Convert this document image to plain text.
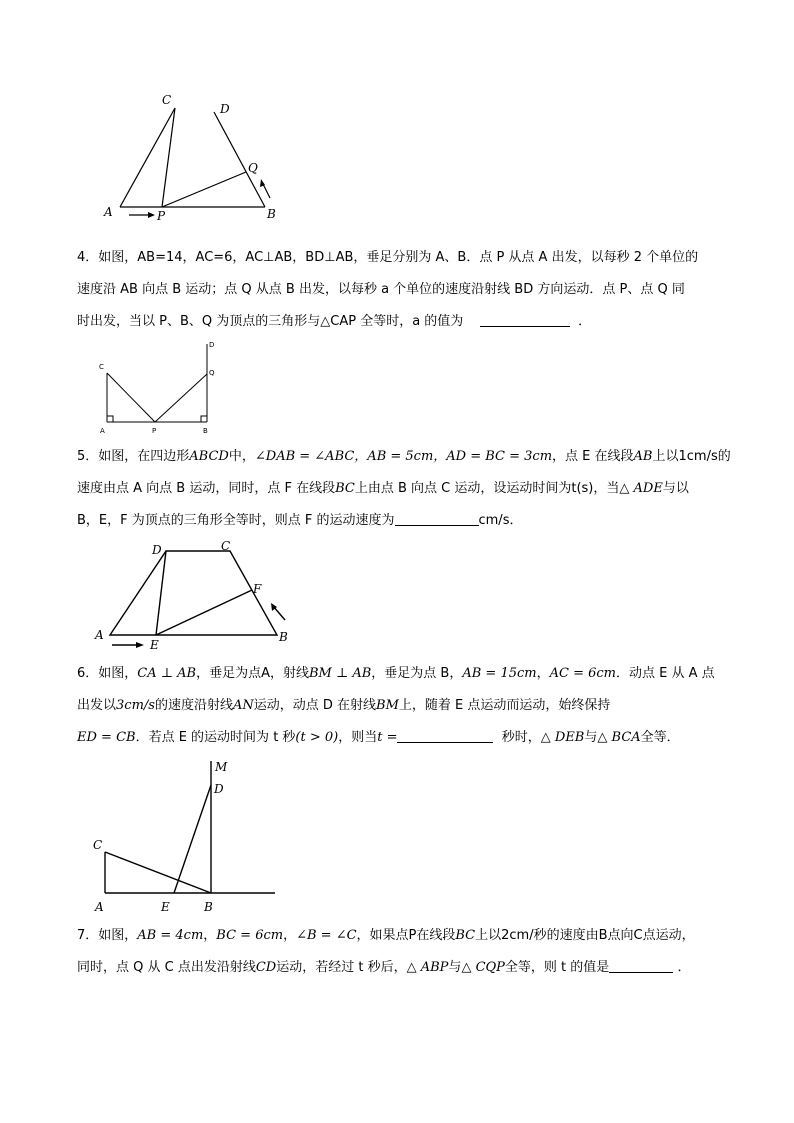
C
D
Q
A	P	B
4．如图，AB=14，AC=6，AC⊥AB，BD⊥AB，垂足分别为 A、B．点 P 从点 A 出发，以每秒 2 个单位的
速度沿 AB 向点 B 运动；点 Q 从点 B 出发，以每秒 a 个单位的速度沿射线 BD 方向运动．点 P、点 Q 同
时出发，当以 P、B、Q 为顶点的三角形与△CAP 全等时，a 的值为	．
C
D
Q
A	P	B
5．如图，在四边形ABCD中，∠DAB = ∠ABC，AB = 5cm，AD = BC = 3cm，点 E 在线段AB上以1cm/s的
速度由点 A 向点 B 运动，同时，点 F 在线段BC上由点 B 向点 C 运动，设运动时间为t(s)，当△ ADE与以
B，E，F 为顶点的三角形全等时，则点 F 的运动速度为	cm/s．
D	C
F
A
E
B
6．如图，CA ⊥ AB，垂足为点A，射线BM ⊥ AB，垂足为点 B，AB = 15cm，AC = 6cm．动点 E 从 A 点
出发以3cm/s的速度沿射线AN运动，动点 D 在射线BM上，随着 E 点运动而运动，始终保持
ED = CB．若点 E 的运动时间为 t 秒(t > 0)，则当t =	秒时，△ DEB与△ BCA全等．
M
D
C
A	E	B
7．如图，AB = 4cm，BC = 6cm，∠B = ∠C，如果点P在线段BC上以2cm/秒的速度由B点向C点运动，
同时，点 Q 从 C 点出发沿射线CD运动，若经过 t 秒后，△ ABP与△ CQP全等，则 t 的值是	．
